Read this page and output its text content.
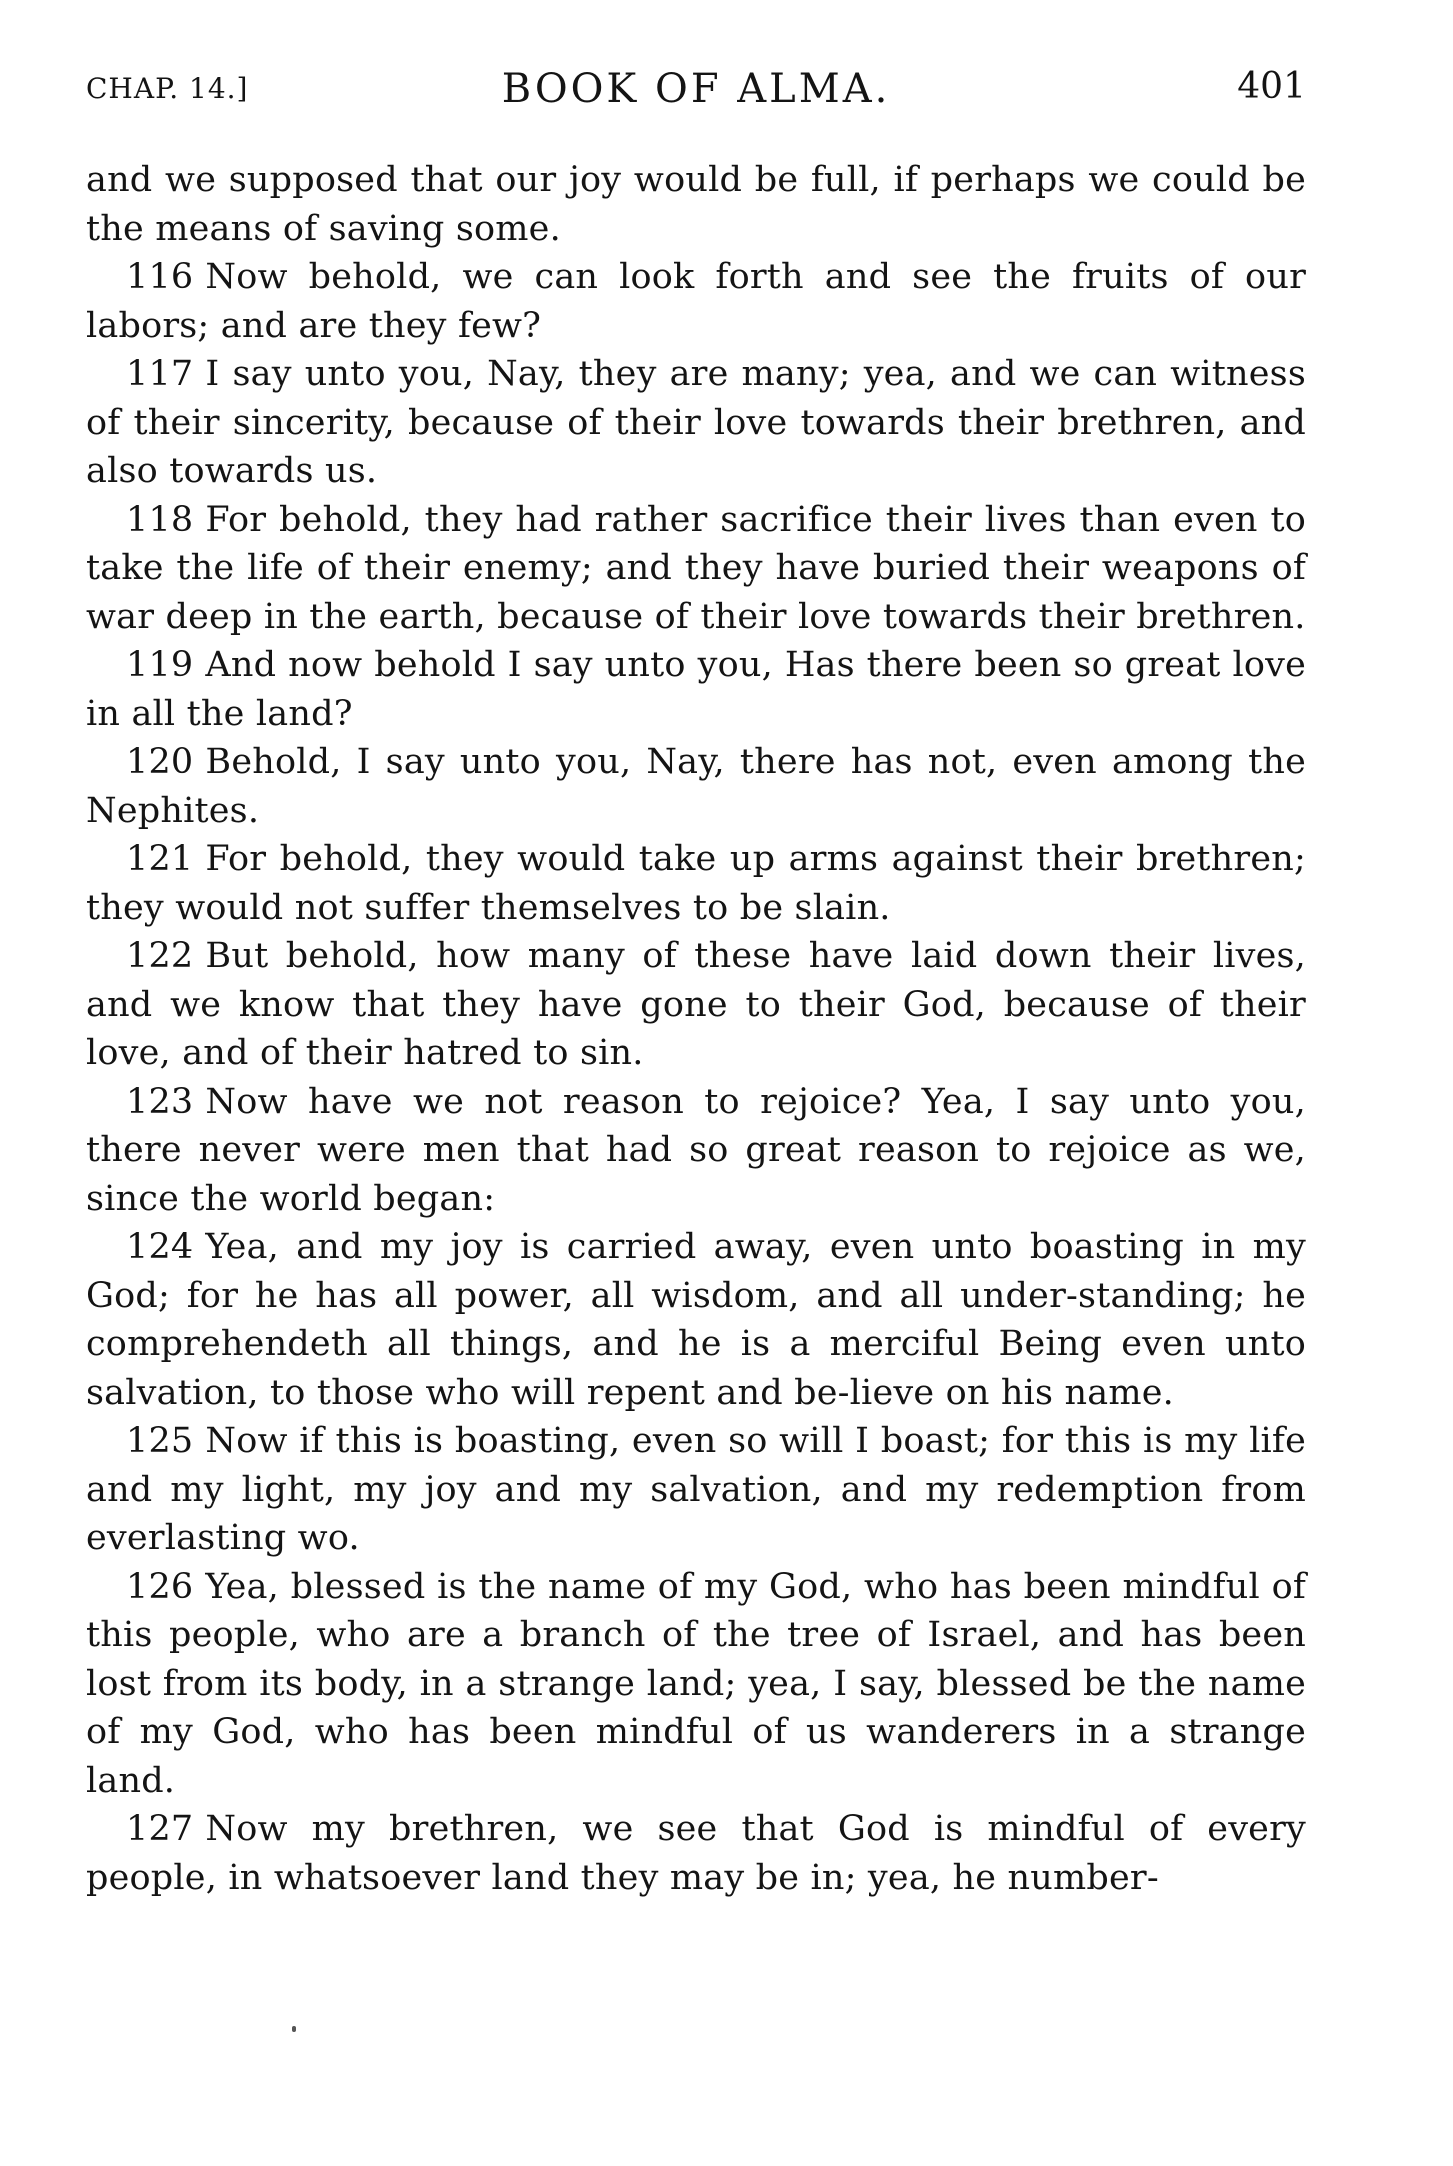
CHAP. 14.]	BOOK OF ALMA.	401

and we supposed that our joy would be full, if perhaps we could be the means of saving some.

116 Now behold, we can look forth and see the fruits of our labors; and are they few?

117 I say unto you, Nay, they are many; yea, and we can witness of their sincerity, because of their love towards their brethren, and also towards us.

118 For behold, they had rather sacrifice their lives than even to take the life of their enemy; and they have buried their weapons of war deep in the earth, because of their love towards their brethren.

119 And now behold I say unto you, Has there been so great love in all the land?

120 Behold, I say unto you, Nay, there has not, even among the Nephites.

121 For behold, they would take up arms against their brethren; they would not suffer themselves to be slain.

122 But behold, how many of these have laid down their lives, and we know that they have gone to their God, because of their love, and of their hatred to sin.

123 Now have we not reason to rejoice? Yea, I say unto you, there never were men that had so great reason to rejoice as we, since the world began:

124 Yea, and my joy is carried away, even unto boasting in my God; for he has all power, all wisdom, and all under-standing; he comprehendeth all things, and he is a merciful Being even unto salvation, to those who will repent and be-lieve on his name.

125 Now if this is boasting, even so will I boast; for this is my life and my light, my joy and my salvation, and my redemption from everlasting wo.

126 Yea, blessed is the name of my God, who has been mindful of this people, who are a branch of the tree of Israel, and has been lost from its body, in a strange land; yea, I say, blessed be the name of my God, who has been mindful of us wanderers in a strange land.

127 Now my brethren, we see that God is mindful of every people, in whatsoever land they may be in; yea, he number-
